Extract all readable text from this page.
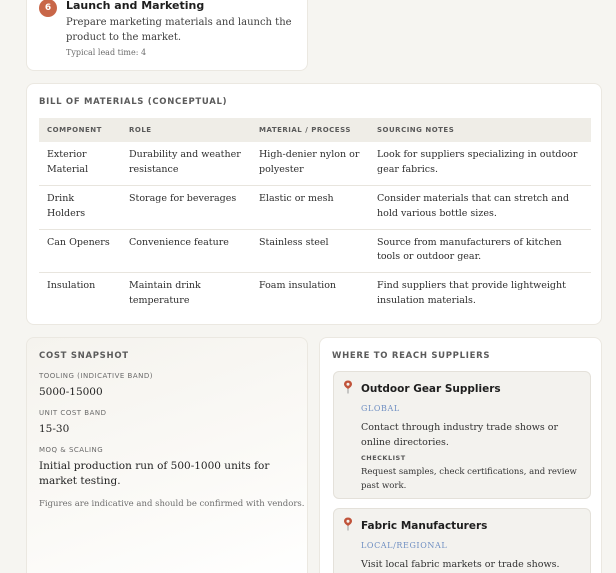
6	Launch and Marketing
Prepare marketing materials and launch the product to the market.
Typical lead time: 4
BILL OF MATERIALS (CONCEPTUAL)
COMPONENT	ROLE	MATERIAL / PROCESS	SOURCING NOTES
Exterior Material	Durability and weather resistance	High-denier nylon or polyester	Look for suppliers specializing in outdoor gear fabrics.
Drink Holders	Storage for beverages	Elastic or mesh	Consider materials that can stretch and hold various bottle sizes.
Can Openers	Convenience feature	Stainless steel	Source from manufacturers of kitchen tools or outdoor gear.
Insulation	Maintain drink temperature	Foam insulation	Find suppliers that provide lightweight insulation materials.
COST SNAPSHOT
TOOLING (INDICATIVE BAND)
5000-15000
UNIT COST BAND
15-30
MOQ & SCALING
Initial production run of 500-1000 units for market testing.
Figures are indicative and should be confirmed with vendors.
WHERE TO REACH SUPPLIERS
Outdoor Gear Suppliers
GLOBAL
Contact through industry trade shows or online directories.
CHECKLIST
Request samples, check certifications, and review past work.
Fabric Manufacturers
LOCAL/REGIONAL
Visit local fabric markets or trade shows.
